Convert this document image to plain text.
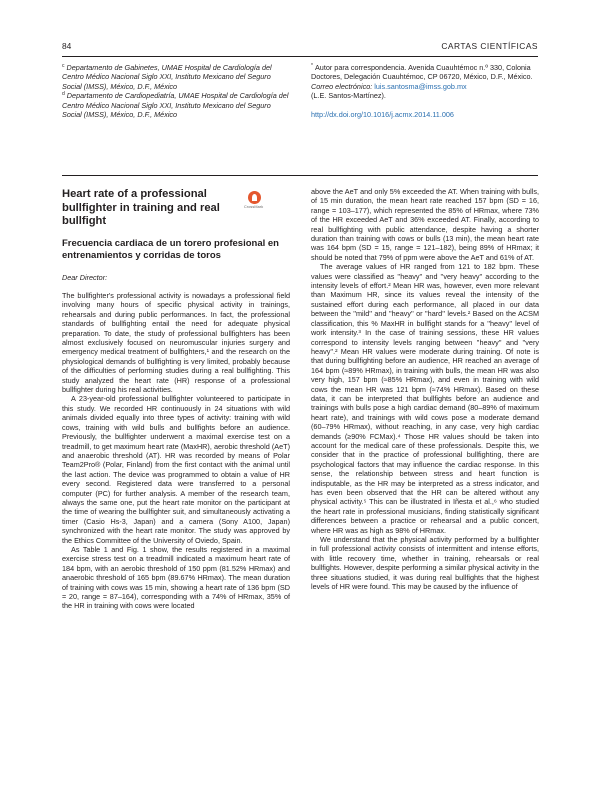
84	CARTAS CIENTÍFICAS

$^c$ Departamento de Gabinetes, UMAE Hospital de Cardiología del Centro Médico Nacional Siglo XXI, Instituto Mexicano del Seguro Social (IMSS), México, D.F., México

$^d$ Departamento de Cardiopediatría, UMAE Hospital de Cardiología del Centro Médico Nacional Siglo XXI, Instituto Mexicano del Seguro Social (IMSS), México, D.F., México

* Autor para correspondencia. Avenida Cuauhtémoc n.º 330, Colonia Doctores, Delegación Cuauhtémoc, CP 06720, México, D.F., México.

Correo electrónico: luis.santosma@imss.gob.mx

(L.E. Santos-Martínez).

http://dx.doi.org/10.1016/j.acmx.2014.11.006

Heart rate of a professional bullfighter in training and real bullfight
CrossMark
Frecuencia cardiaca de un torero profesional en entrenamientos y corridas de toros

Dear Director:

The bullfighter's professional activity is nowadays a professional field involving many hours of specific physical activity in trainings, rehearsals and during public performances. In fact, the professional standards of bullfighting entail the need for adequate physical preparation. To date, the study of professional bullfighters has been almost exclusively focused on neuromuscular injuries surgery and emergency medical treatment of bullfighters,¹ and the research on the physiological demands of bullfighting is very limited, probably because of the difficulties of performing studies during a real bullfighting. This study analyzed the heart rate (HR) response of a professional bullfighter during his real activities.

A 23-year-old professional bullfighter volunteered to participate in this study. We recorded HR continuously in 24 situations with wild animals divided equally into three types of activity: training with wild cows, training with wild bulls and bullfights before an audience. Previously, the bullfighter underwent a maximal exercise test on a treadmill, to get maximum heart rate (MaxHR), aerobic threshold (AeT) and anaerobic threshold (AT). HR was recorded by means of Polar Team2Pro® (Polar, Finland) from the first contact with the animal until the last action. The device was programmed to obtain a value of HR every second. Registered data were transferred to a personal computer (PC) for further analysis. A member of the research team, always the same one, put the heart rate monitor on the participant at the time of wearing the bullfighter suit, and simultaneously activating a timer (Casio Hs-3, Japan) and a camera (Sony A100, Japan) synchronized with the heart rate monitor. The study was approved by the Ethics Committee of the University of Oviedo, Spain.

As Table 1 and Fig. 1 show, the results registered in a maximal exercise stress test on a treadmill indicated a maximum heart rate of 184 bpm, with an aerobic threshold of 150 ppm (81.52% HRmax) and anaerobic threshold of 165 bpm (89.67% HRmax). The mean duration of training with cows was 15 min, showing a heart rate of 136 bpm (SD = 20, range = 87–164), corresponding with a 74% of HRmax, 35% of the HR in training with cows were located

above the AeT and only 5% exceeded the AT. When training with bulls, of 15 min duration, the mean heart rate reached 157 bpm (SD = 16, range = 103–177), which represented the 85% of HRmax, where 73% of the HR exceeded AeT and 36% exceeded AT. Finally, according to real bullfighting with public attendance, despite having a shorter duration than training with cows or bulls (13 min), the mean heart rate was 164 bpm (SD = 15, range = 121–182), being 89% of HRmax; it should be noted that 79% of ppm were above the AeT and 61% of AT.

The average values of HR ranged from 121 to 182 bpm. These values were classified as ''heavy'' and ''very heavy'' according to the intensity levels of effort.² Mean HR was, however, even more relevant than Maximum HR, since its values reveal the intensity of the sustained effort during each performance, all placed in our data between the ''mild'' and ''heavy'' or ''hard'' levels.² Based on the ACSM classification, this % MaxHR in bullfight stands for a ''heavy'' level of work intensity.³ In the case of training sessions, these HR values correspond to intensity levels ranging between ''heavy'' and ''very heavy''.² Mean HR values were moderate during training. Of note is that during bullfighting before an audience, HR reached an average of 164 bpm (≈89% HRmax), in training with bulls, the mean HR was also very high, 157 bpm (≈85% HRmax), and even in training with wild cows the mean HR was 121 bpm (≈74% HRmax). Based on these data, it can be interpreted that bullfights before an audience and trainings with bulls pose a high cardiac demand (80–89% of maximum heart rate), and trainings with wild cows pose a moderate demand (60–79% HRmax), without reaching, in any case, very high cardiac demands (≥90% FCMax).⁴ Those HR values should be taken into account for the medical care of these professionals. Despite this, we consider that in the practice of professional bullfighting, there are psychological factors that may influence the cardiac response. In this sense, the relationship between stress and heart function is indisputable, as the HR may be interpreted as a stress indicator, and has even been observed that the HR can be altered without any physical activity.⁵ This can be illustrated in Iñesta et al.,⁶ who studied the heart rate in professional musicians, finding statistically significant differences between a practice or rehearsal and a public concert, where HR was as high as 98% of HRmax.

We understand that the physical activity performed by a bullfighter in full professional activity consists of intermittent and intense efforts, with little recovery time, whether in training, rehearsals or real bullfights. However, despite performing a similar physical activity in the three situations studied, it was during real bullfights that the highest levels of HR were found. This may be caused by the influence of
